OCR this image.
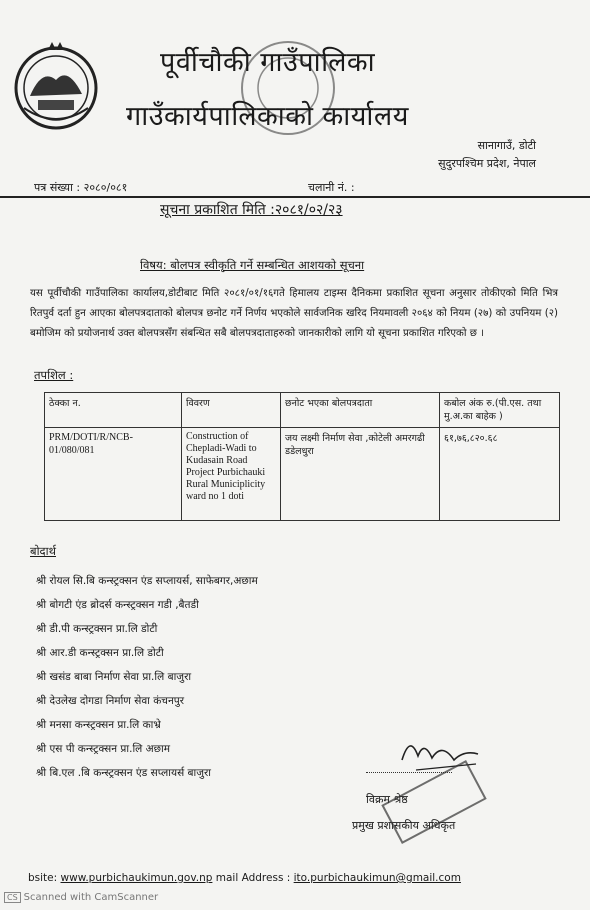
पूर्वीचौकी गाउँपालिका
गाउँकार्यपालिकाको कार्यालय
सानागाउँ, डोटी
सुदुरपश्चिम प्रदेश, नेपाल
पत्र संख्या : २०८०/०८१	चलानी नं. :
सूचना प्रकाशित मिति :२०८१/०२/२३
विषय: बोलपत्र स्वीकृति गर्ने सम्बन्धित आशयको सूचना
यस पूर्वीचौकी गाउँपालिका कार्यालय,डोटीबाट मिति २०८१/०१/१६गते हिमालय टाइम्स दैनिकमा प्रकाशित सूचना अनुसार तोकीएको मिति भित्र रितपुर्व दर्ता हुन आएका बोलपत्रदाताको बोलपत्र छनोट गर्ने निर्णय भएकोले सार्वजनिक खरिद नियमावली २०६४ को नियम (२७) को उपनियम (२) बमोजिम को प्रयोजनार्थ उक्त बोलपत्रसँग संबन्धित सबै बोलपत्रदाताहरुको जानकारीको लागि यो सूचना प्रकाशित गरिएको छ ।
तपशिल :
ठेक्का न.	विवरण	छनोट भएका बोलपत्रदाता	कबोल अंक रु.(पी.एस. तथा मु.अ.का बाहेक )
PRM/DOTI/R/NCB-01/080/081	Construction of Chepladi-Wadi to Kudasain Road Project Purbichauki Rural Municiplicity ward no 1 doti	जय लक्ष्मी निर्माण सेवा ,कोटेली अमरगढी डडेलधुरा	६१,७६,८२०.६८
बोदार्थ
श्री रोयल सि.बि कन्स्ट्रक्सन एंड सप्लायर्स, साफेबगर,अछाम
श्री बोगटी एंड ब्रोदर्स कन्स्ट्रक्सन गडी ,बैतडी
श्री डी.पी कन्स्ट्रक्सन प्रा.लि डोटी
श्री आर.डी कन्स्ट्रक्सन प्रा.लि डोटी
श्री खसंड बाबा निर्माण सेवा प्रा.लि बाजुरा
श्री देउलेख दोगडा निर्माण सेवा कंचनपुर
श्री मनसा कन्स्ट्रक्सन प्रा.लि काभ्रे
श्री एस पी कन्स्ट्रक्सन प्रा.लि अछाम
श्री बि.एल .बि कन्स्ट्रक्सन एंड सप्लायर्स बाजुरा
विक्रम श्रेष्ठ
प्रमुख प्रशासकीय अधिकृत
bsite: www.purbichaukimun.gov.np mail Address : ito.purbichaukimun@gmail.com
CS Scanned with CamScanner
